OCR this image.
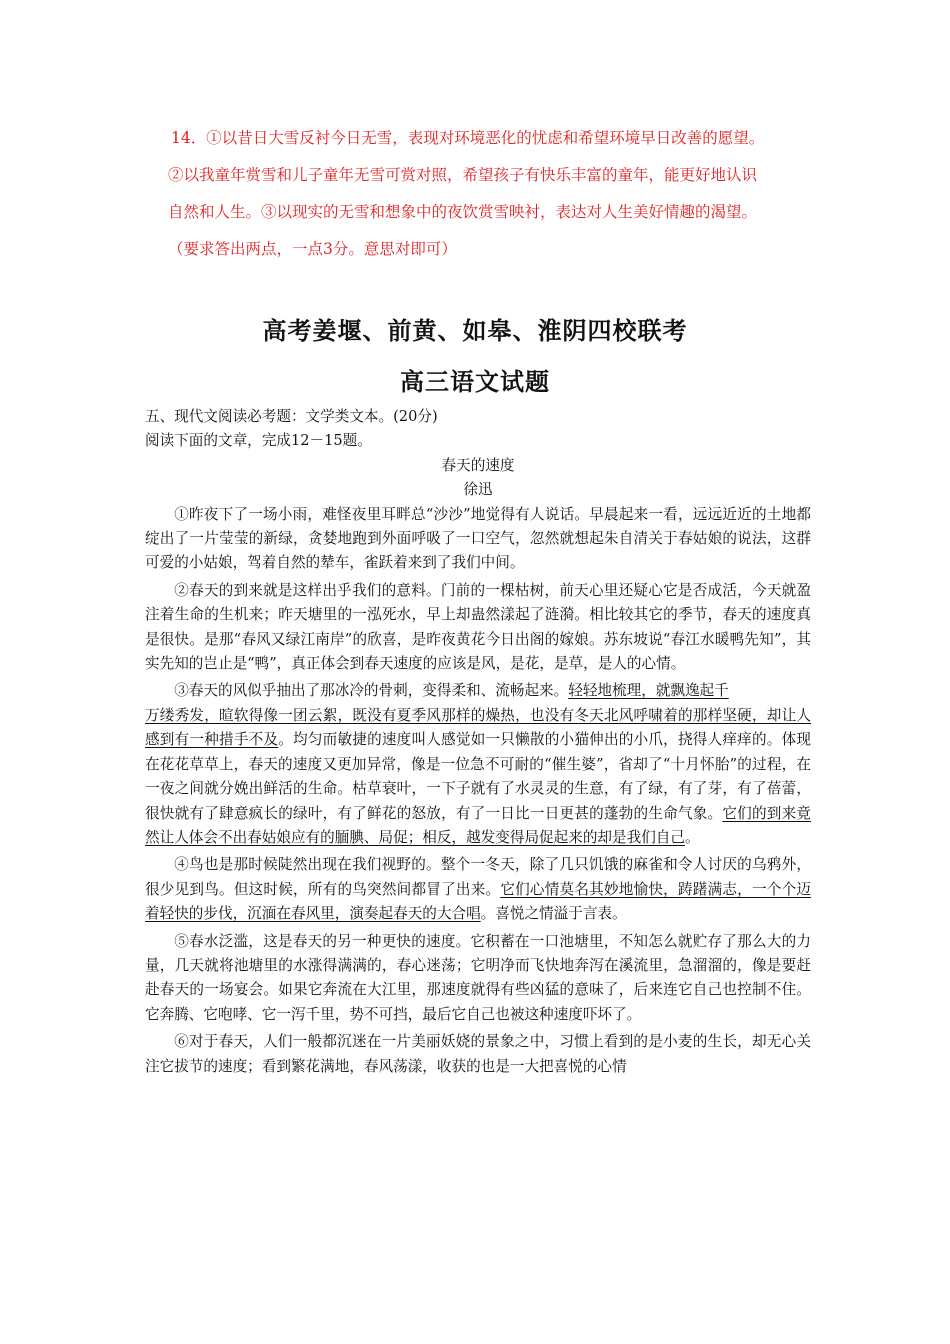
14．①以昔日大雪反衬今日无雪，表现对环境恶化的忧虑和希望环境早日改善的愿望。

②以我童年赏雪和儿子童年无雪可赏对照，希望孩子有快乐丰富的童年，能更好地认识

自然和人生。③以现实的无雪和想象中的夜饮赏雪映衬，表达对人生美好情趣的渴望。

（要求答出两点，一点3分。意思对即可）

高考姜堰、前黄、如皋、淮阴四校联考
高三语文试题

五、现代文阅读必考题：文学类文本。(20分)

阅读下面的文章，完成12－15题。

春天的速度

徐迅

①昨夜下了一场小雨，难怪夜里耳畔总“沙沙”地觉得有人说话。早晨起来一看，远远近近的土地都绽出了一片莹莹的新绿，贪婪地跑到外面呼吸了一口空气，忽然就想起朱自清关于春姑娘的说法，这群可爱的小姑娘，驾着自然的辇车，雀跃着来到了我们中间。

②春天的到来就是这样出乎我们的意料。门前的一棵枯树，前天心里还疑心它是否成活，今天就盈注着生命的生机来；昨天塘里的一泓死水，早上却蛊然漾起了涟漪。相比较其它的季节，春天的速度真是很快。是那“春风又绿江南岸”的欣喜，是昨夜黄花今日出阁的嫁娘。苏东坡说“春江水暖鸭先知”，其实先知的岂止是“鸭”，真正体会到春天速度的应该是风，是花，是草，是人的心情。

③春天的风似乎抽出了那冰冷的骨刺，变得柔和、流畅起来。轻轻地梳理，就飘逸起千
万缕秀发，暄软得像一团云絮，既没有夏季风那样的燥热，也没有冬天北风呼啸着的那样坚硬，却让人感到有一种措手不及。均匀而敏捷的速度叫人感觉如一只懒散的小猫伸出的小爪，挠得人痒痒的。体现在花花草草上，春天的速度又更加异常，像是一位急不可耐的“催生婆”，省却了“十月怀胎”的过程，在一夜之间就分娩出鲜活的生命。枯草衰叶，一下子就有了水灵灵的生意，有了绿，有了芽，有了蓓蕾，很快就有了肆意疯长的绿叶，有了鲜花的怒放，有了一日比一日更甚的蓬勃的生命气象。它们的到来竟然让人体会不出春姑娘应有的腼腆、局促；相反，越发变得局促起来的却是我们自己。

④鸟也是那时候陡然出现在我们视野的。整个一冬天，除了几只饥饿的麻雀和令人讨厌的乌鸦外，很少见到鸟。但这时候，所有的鸟突然间都冒了出来。它们心情莫名其妙地愉快，踌躇满志，一个个迈着轻快的步伐，沉湎在春风里，演奏起春天的大合唱。喜悦之情溢于言表。

⑤春水泛滥，这是春天的另一种更快的速度。它积蓄在一口池塘里，不知怎么就贮存了那么大的力量，几天就将池塘里的水涨得满满的，春心迷荡；它明净而飞快地奔泻在溪流里，急溜溜的，像是要赶赴春天的一场宴会。如果它奔流在大江里，那速度就得有些凶猛的意味了，后来连它自己也控制不住。它奔腾、它咆哮、它一泻千里，势不可挡，最后它自己也被这种速度吓坏了。

⑥对于春天，人们一般都沉迷在一片美丽妖娆的景象之中，习惯上看到的是小麦的生长，却无心关注它拔节的速度；看到繁花满地，春风荡漾，收获的也是一大把喜悦的心情
